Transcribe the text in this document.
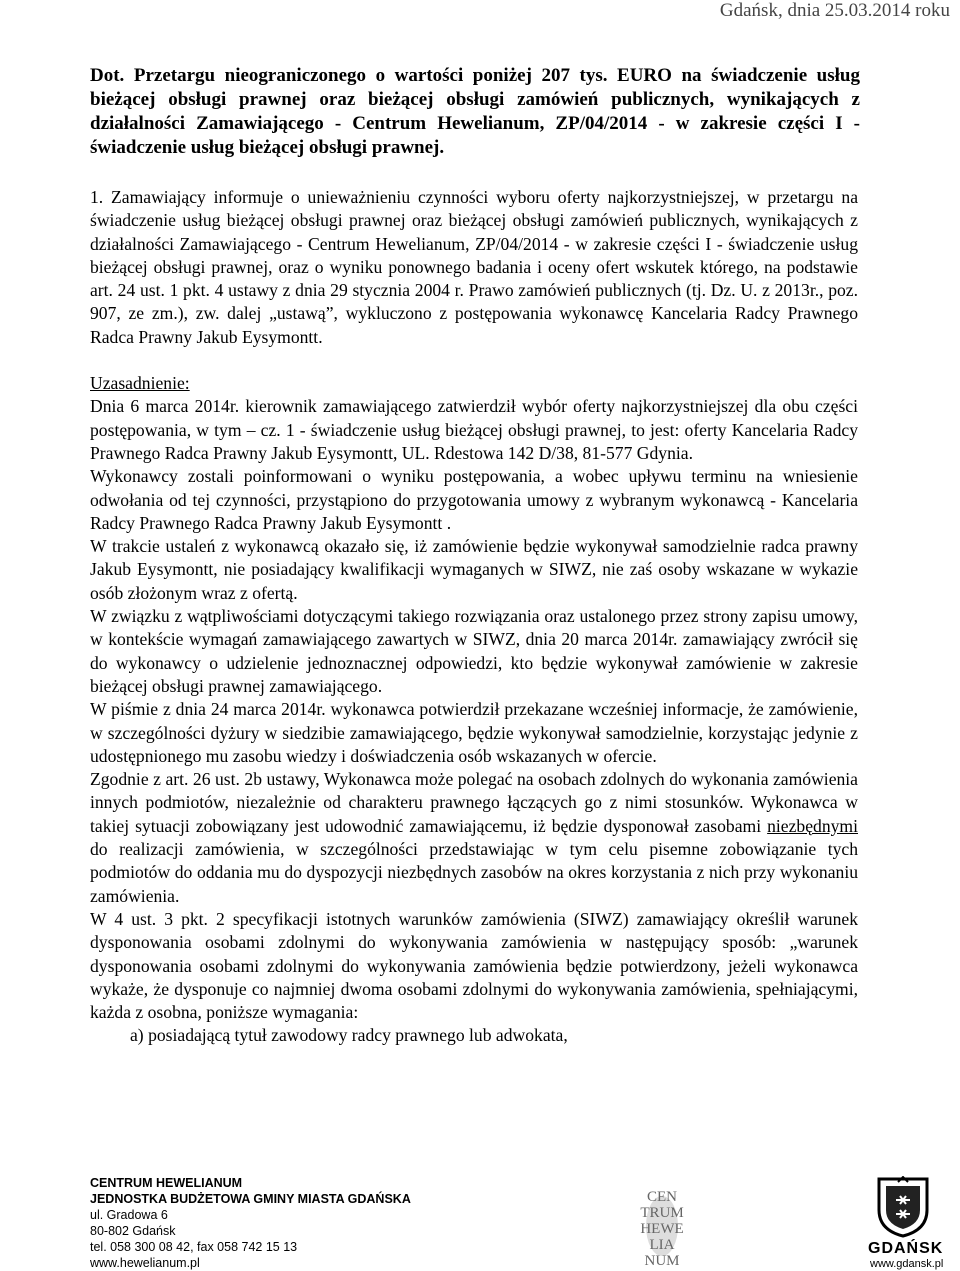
Gdańsk, dnia 25.03.2014 roku
Dot. Przetargu nieograniczonego o wartości poniżej 207 tys. EURO na świadczenie usług bieżącej obsługi prawnej oraz bieżącej obsługi zamówień publicznych, wynikających z działalności Zamawiającego - Centrum Hewelianum, ZP/04/2014 - w zakresie części I - świadczenie usług bieżącej obsługi prawnej.

1. Zamawiający informuje o unieważnieniu czynności wyboru oferty najkorzystniejszej, w przetargu na świadczenie usług bieżącej obsługi prawnej oraz bieżącej obsługi zamówień publicznych, wynikających z działalności Zamawiającego - Centrum Hewelianum, ZP/04/2014 - w zakresie części I - świadczenie usług bieżącej obsługi prawnej, oraz o wyniku ponownego badania i oceny ofert wskutek którego, na podstawie art. 24 ust. 1 pkt. 4 ustawy z dnia 29 stycznia 2004 r. Prawo zamówień publicznych (tj. Dz. U. z 2013r., poz. 907, ze zm.), zw. dalej „ustawą”, wykluczono z postępowania wykonawcę Kancelaria Radcy Prawnego Radca Prawny Jakub Eysymontt.

Uzasadnienie:

Dnia 6 marca 2014r. kierownik zamawiającego zatwierdził wybór oferty najkorzystniejszej dla obu części postępowania, w tym – cz. 1 - świadczenie usług bieżącej obsługi prawnej, to jest: oferty Kancelaria Radcy Prawnego Radca Prawny Jakub Eysymontt, UL. Rdestowa 142 D/38, 81-577 Gdynia.

Wykonawcy zostali poinformowani o wyniku postępowania, a wobec upływu terminu na wniesienie odwołania od tej czynności, przystąpiono do przygotowania umowy z wybranym wykonawcą - Kancelaria Radcy Prawnego Radca Prawny Jakub Eysymontt .

W trakcie ustaleń z wykonawcą okazało się, iż zamówienie będzie wykonywał samodzielnie radca prawny Jakub Eysymontt, nie posiadający kwalifikacji wymaganych w SIWZ, nie zaś osoby wskazane w wykazie osób złożonym wraz z ofertą.

W związku z wątpliwościami dotyczącymi takiego rozwiązania oraz ustalonego przez strony zapisu umowy, w kontekście wymagań zamawiającego zawartych w SIWZ, dnia 20 marca 2014r. zamawiający zwrócił się do wykonawcy o udzielenie jednoznacznej odpowiedzi, kto będzie wykonywał zamówienie w zakresie bieżącej obsługi prawnej zamawiającego.

W piśmie z dnia 24 marca 2014r. wykonawca potwierdził przekazane wcześniej informacje, że zamówienie, w szczególności dyżury w siedzibie zamawiającego, będzie wykonywał samodzielnie, korzystając jedynie z udostępnionego mu zasobu wiedzy i doświadczenia osób wskazanych w ofercie.

Zgodnie z art. 26 ust. 2b ustawy, Wykonawca może polegać na osobach zdolnych do wykonania zamówienia innych podmiotów, niezależnie od charakteru prawnego łączących go z nimi stosunków. Wykonawca w takiej sytuacji zobowiązany jest udowodnić zamawiającemu, iż będzie dysponował zasobami niezbędnymi do realizacji zamówienia, w szczególności przedstawiając w tym celu pisemne zobowiązanie tych podmiotów do oddania mu do dyspozycji niezbędnych zasobów na okres korzystania z nich przy wykonaniu zamówienia.

W 4 ust. 3 pkt. 2 specyfikacji istotnych warunków zamówienia (SIWZ) zamawiający określił warunek dysponowania osobami zdolnymi do wykonywania zamówienia w następujący sposób: „warunek dysponowania osobami zdolnymi do wykonywania zamówienia będzie potwierdzony, jeżeli wykonawca wykaże, że dysponuje co najmniej dwoma osobami zdolnymi do wykonywania zamówienia, spełniającymi, każda z osobna, poniższe wymagania:

a) posiadającą tytuł zawodowy radcy prawnego lub adwokata,

CENTRUM HEWELIANUM
JEDNOSTKA BUDŻETOWA GMINY MIASTA GDAŃSKA
ul. Gradowa 6
80-802 Gdańsk
tel. 058 300 08 42, fax 058 742 15 13
www.hewelianum.pl
CEN
TRUM
HEWE
LIA
NUM
GDAŃSK
www.gdansk.pl
